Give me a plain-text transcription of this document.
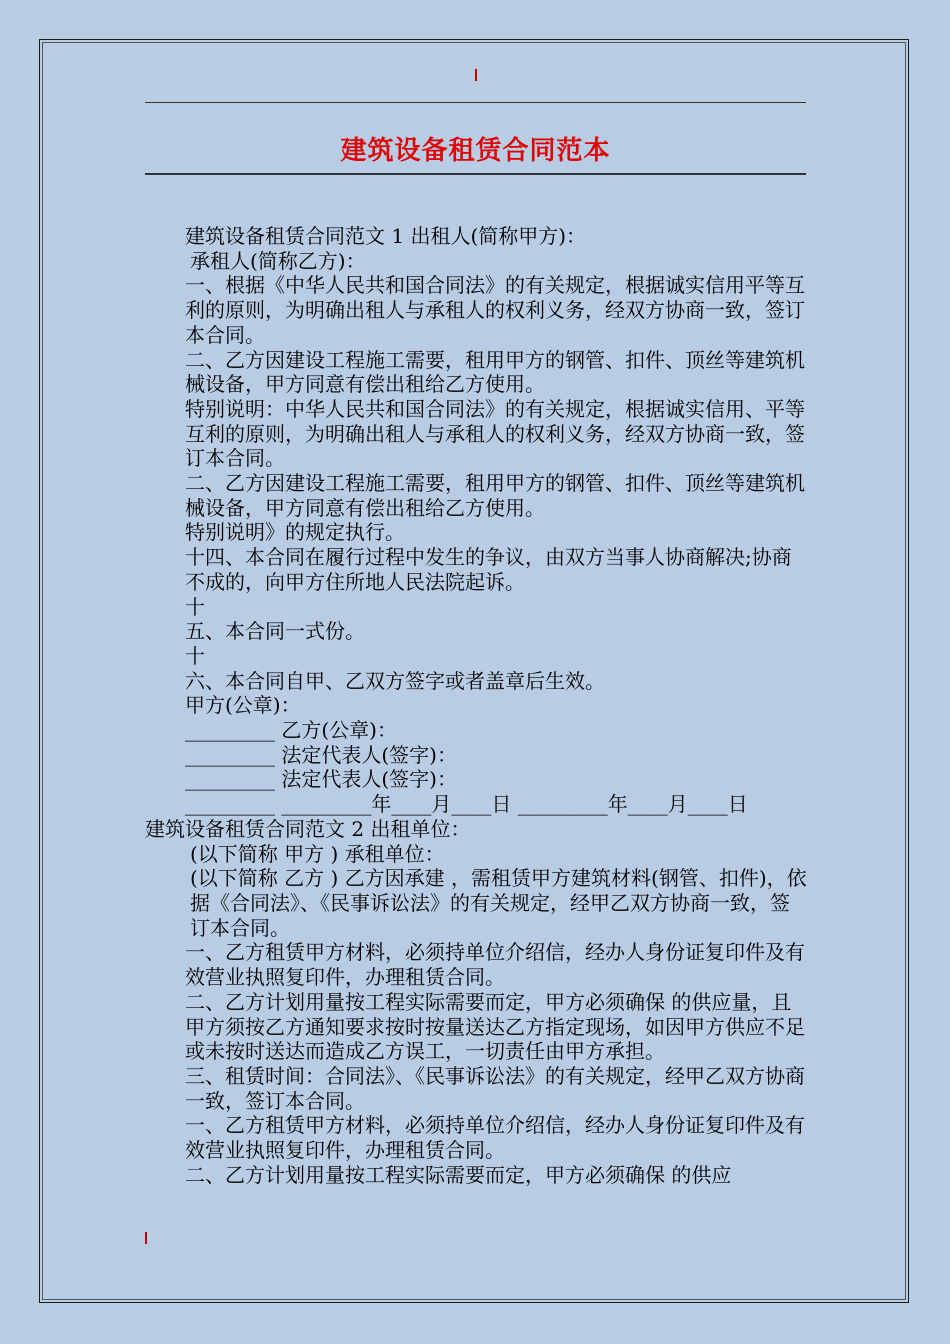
建筑设备租赁合同范本

建筑设备租赁合同范文 1 出租人(简称甲方)：

承租人(简称乙方)：

一、根据《中华人民共和国合同法》的有关规定，根据诚实信用平等互利的原则，为明确出租人与承租人的权利义务，经双方协商一致，签订本合同。

二、乙方因建设工程施工需要，租用甲方的钢管、扣件、顶丝等建筑机械设备，甲方同意有偿出租给乙方使用。

特别说明：中华人民共和国合同法》的有关规定，根据诚实信用、平等互利的原则，为明确出租人与承租人的权利义务，经双方协商一致，签订本合同。

二、乙方因建设工程施工需要，租用甲方的钢管、扣件、顶丝等建筑机械设备，甲方同意有偿出租给乙方使用。

特别说明》的规定执行。

十四、本合同在履行过程中发生的争议，由双方当事人协商解决;协商不成的，向甲方住所地人民法院起诉。

十

五、本合同一式份。

十

六、本合同自甲、乙双方签字或者盖章后生效。

甲方(公章)：

_________ 乙方(公章)：

_________ 法定代表人(签字)：

_________ 法定代表人(签字)：

_________ _________年____月____日 _________年____月____日

建筑设备租赁合同范文 2 出租单位：

(以下简称 甲方 ) 承租单位：

(以下简称 乙方 ) 乙方因承建 ，需租赁甲方建筑材料(钢管、扣件)，依据《合同法》、《民事诉讼法》的有关规定，经甲乙双方协商一致，签订本合同。

一、乙方租赁甲方材料，必须持单位介绍信，经办人身份证复印件及有效营业执照复印件，办理租赁合同。

二、乙方计划用量按工程实际需要而定，甲方必须确保 的供应量，且甲方须按乙方通知要求按时按量送达乙方指定现场，如因甲方供应不足或未按时送达而造成乙方误工，一切责任由甲方承担。

三、租赁时间：合同法》、《民事诉讼法》的有关规定，经甲乙双方协商一致，签订本合同。

一、乙方租赁甲方材料，必须持单位介绍信，经办人身份证复印件及有效营业执照复印件，办理租赁合同。

二、乙方计划用量按工程实际需要而定，甲方必须确保 的供应
